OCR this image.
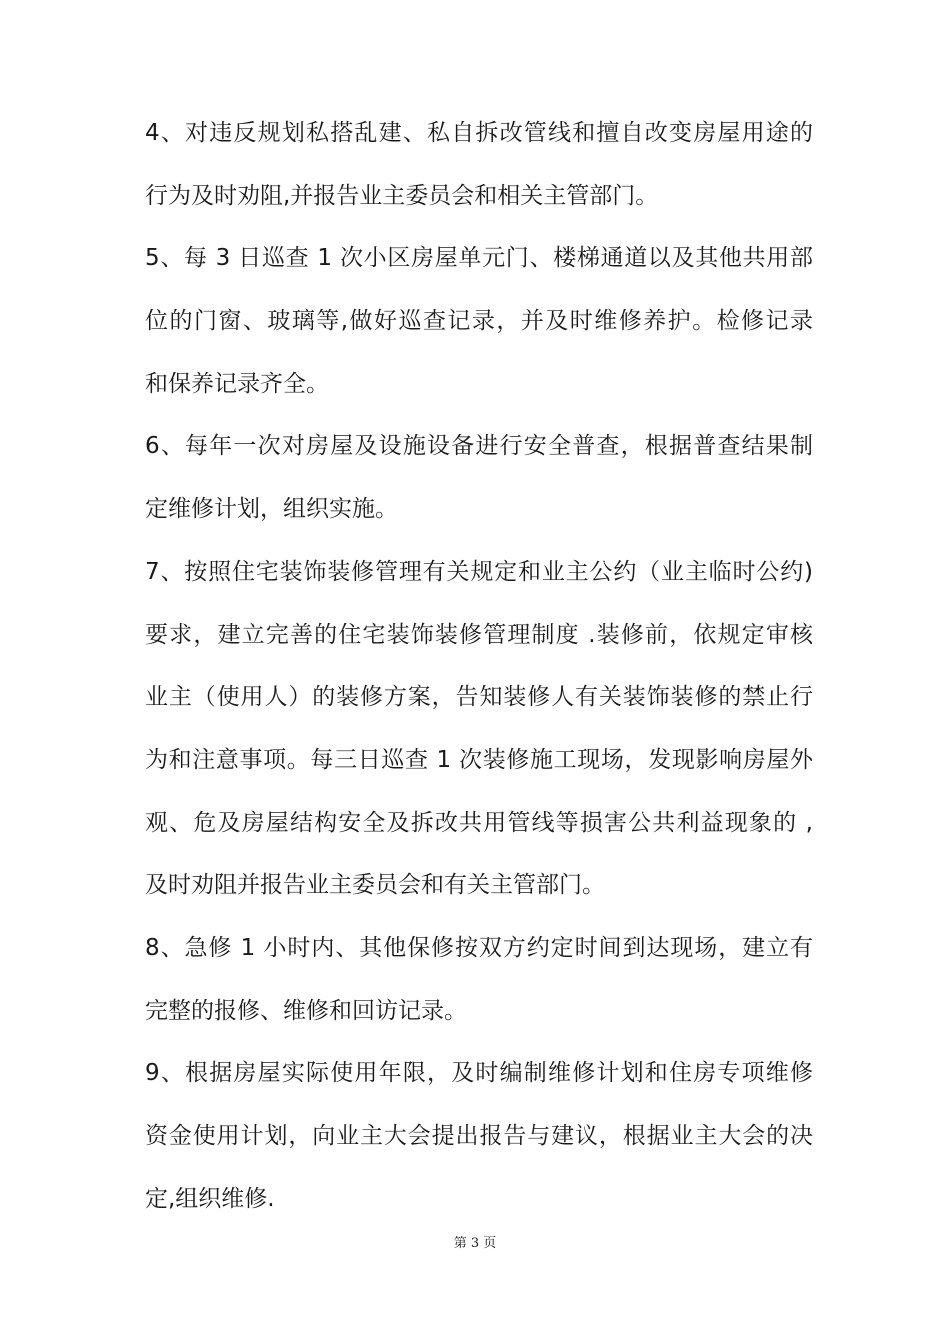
4、对违反规划私搭乱建、私自拆改管线和擅自改变房屋用途的
行为及时劝阻,并报告业主委员会和相关主管部门。
5、每 3 日巡查 1 次小区房屋单元门、楼梯通道以及其他共用部
位的门窗、玻璃等,做好巡查记录，并及时维修养护。检修记录
和保养记录齐全。
6、每年一次对房屋及设施设备进行安全普查，根据普查结果制
定维修计划，组织实施。
7、按照住宅装饰装修管理有关规定和业主公约（业主临时公约)
要求，建立完善的住宅装饰装修管理制度 .装修前，依规定审核
业主（使用人）的装修方案，告知装修人有关装饰装修的禁止行
为和注意事项。每三日巡查 1 次装修施工现场，发现影响房屋外
观、危及房屋结构安全及拆改共用管线等损害公共利益现象的 ,
及时劝阻并报告业主委员会和有关主管部门。
8、急修 1 小时内、其他保修按双方约定时间到达现场，建立有
完整的报修、维修和回访记录。
9、根据房屋实际使用年限，及时编制维修计划和住房专项维修
资金使用计划，向业主大会提出报告与建议，根据业主大会的决
定,组织维修.
第 3 页
